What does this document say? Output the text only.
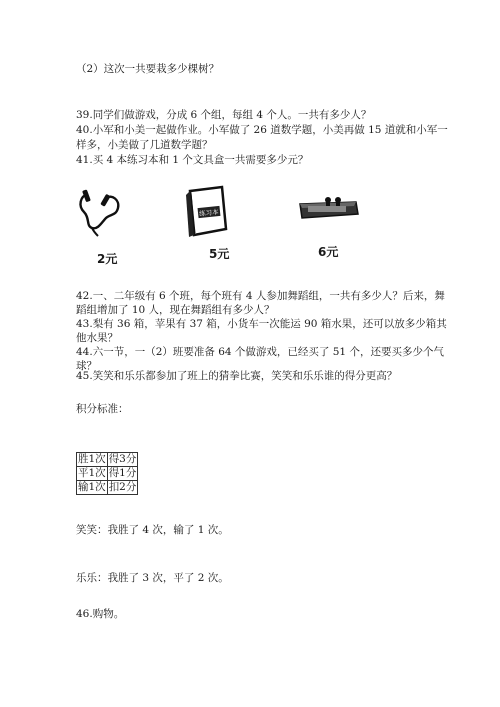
（2）这次一共要栽多少棵树？
39.同学们做游戏，分成 6 个组，每组 4 个人。一共有多少人？
40.小军和小美一起做作业。小军做了 26 道数学题，小美再做 15 道就和小军一
样多，小美做了几道数学题？
41.买 4 本练习本和 1 个文具盒一共需要多少元？
2元
练习本
5元	6元
42.一、二年级有 6 个班，每个班有 4 人参加舞蹈组，一共有多少人？后来，舞
蹈组增加了 10 人，现在舞蹈组有多少人？
43.梨有 36 箱，苹果有 37 箱，小货车一次能运 90 箱水果，还可以放多少箱其
他水果？
44.六一节，一（2）班要准备 64 个做游戏，已经买了 51 个，还要买多少个气
球？
45.笑笑和乐乐都参加了班上的猜拳比赛，笑笑和乐乐谁的得分更高？
积分标准：
胜1次	得3分
平1次	得1分
输1次	扣2分
笑笑：我胜了 4 次，输了 1 次。
乐乐：我胜了 3 次，平了 2 次。
46.购物。
